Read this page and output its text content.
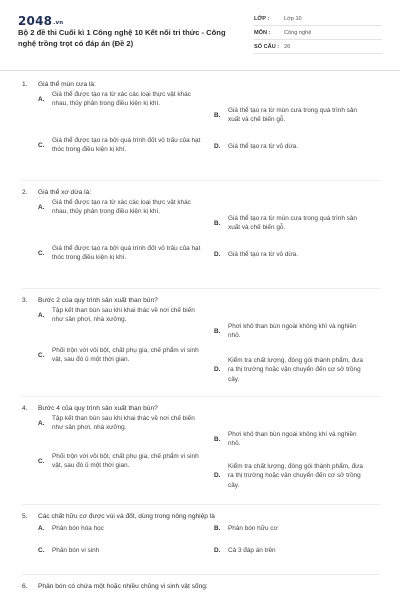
2048.vn
Bộ 2 đề thi Cuối kì 1 Công nghệ 10 Kết nối tri thức - Công nghệ trồng trọt có đáp án (Đề 2)
LỚP :	Lớp 10
MÔN :	Công nghệ
SỐ CÂU : 26
1.	Giá thể mùn cưa là:
A.
Giá thể được tạo ra từ xác các loại thực vật khác nhau, thủy phân trong điều kiện kị khí.
B.
Giá thể tạo ra từ mùn cưa trong quá trình sản xuất và chế biến gỗ.
C.
Giá thể được tạo ra bởi quá trình đốt vỏ trấu của hạt thóc trong điều kiện kị khí.	D.	Giá thể tạo ra từ vỏ dừa.
2.	Giá thể xơ dừa là:
A.
Giá thể được tạo ra từ xác các loại thực vật khác nhau, thủy phân trong điều kiện kị khí.
B.
Giá thể tạo ra từ mùn cưa trong quá trình sản xuất và chế biến gỗ.
C.
Giá thể được tạo ra bởi quá trình đốt vỏ trấu của hạt thóc trong điều kiện kị khí.	D.	Giá thể tạo ra từ vỏ dừa.
3.	Bước 2 của quy trình sản xuất than bùn?
A.
Tập kết than bùn sau khi khai thác về nơi chế biến như sân phơi, nhà xưởng.
B.
Phơi khô than bùn ngoài không khí và nghiền nhỏ.
C.
Phối trộn với vôi bột, chất phụ gia, chế phẩm vi sinh vật, sau đó ủ một thời gian.
D.
Kiểm tra chất lượng, đóng gói thành phẩm, đưa ra thị trường hoặc vận chuyển đến cơ sở trồng cây.
4.	Bước 4 của quy trình sản xuất than bùn?
A.
Tập kết than bùn sau khi khai thác về nơi chế biến như sân phơi, nhà xưởng.
B.
Phơi khô than bùn ngoài không khí và nghiền nhỏ.
C.
Phối trộn với vôi bột, chất phụ gia, chế phẩm vi sinh vật, sau đó ủ một thời gian.
D.
Kiểm tra chất lượng, đóng gói thành phẩm, đưa ra thị trường hoặc vận chuyển đến cơ sở trồng cây.
5.	Các chất hữu cơ được vùi và đốt, dùng trong nông nghiệp là
A.	Phân bón hóa học	B.	Phân bón hữu cơ
C.	Phân bón vi sinh	D.	Cả 3 đáp án trên
6.	Phân bón có chứa một hoặc nhiều chủng vi sinh vật sống:
